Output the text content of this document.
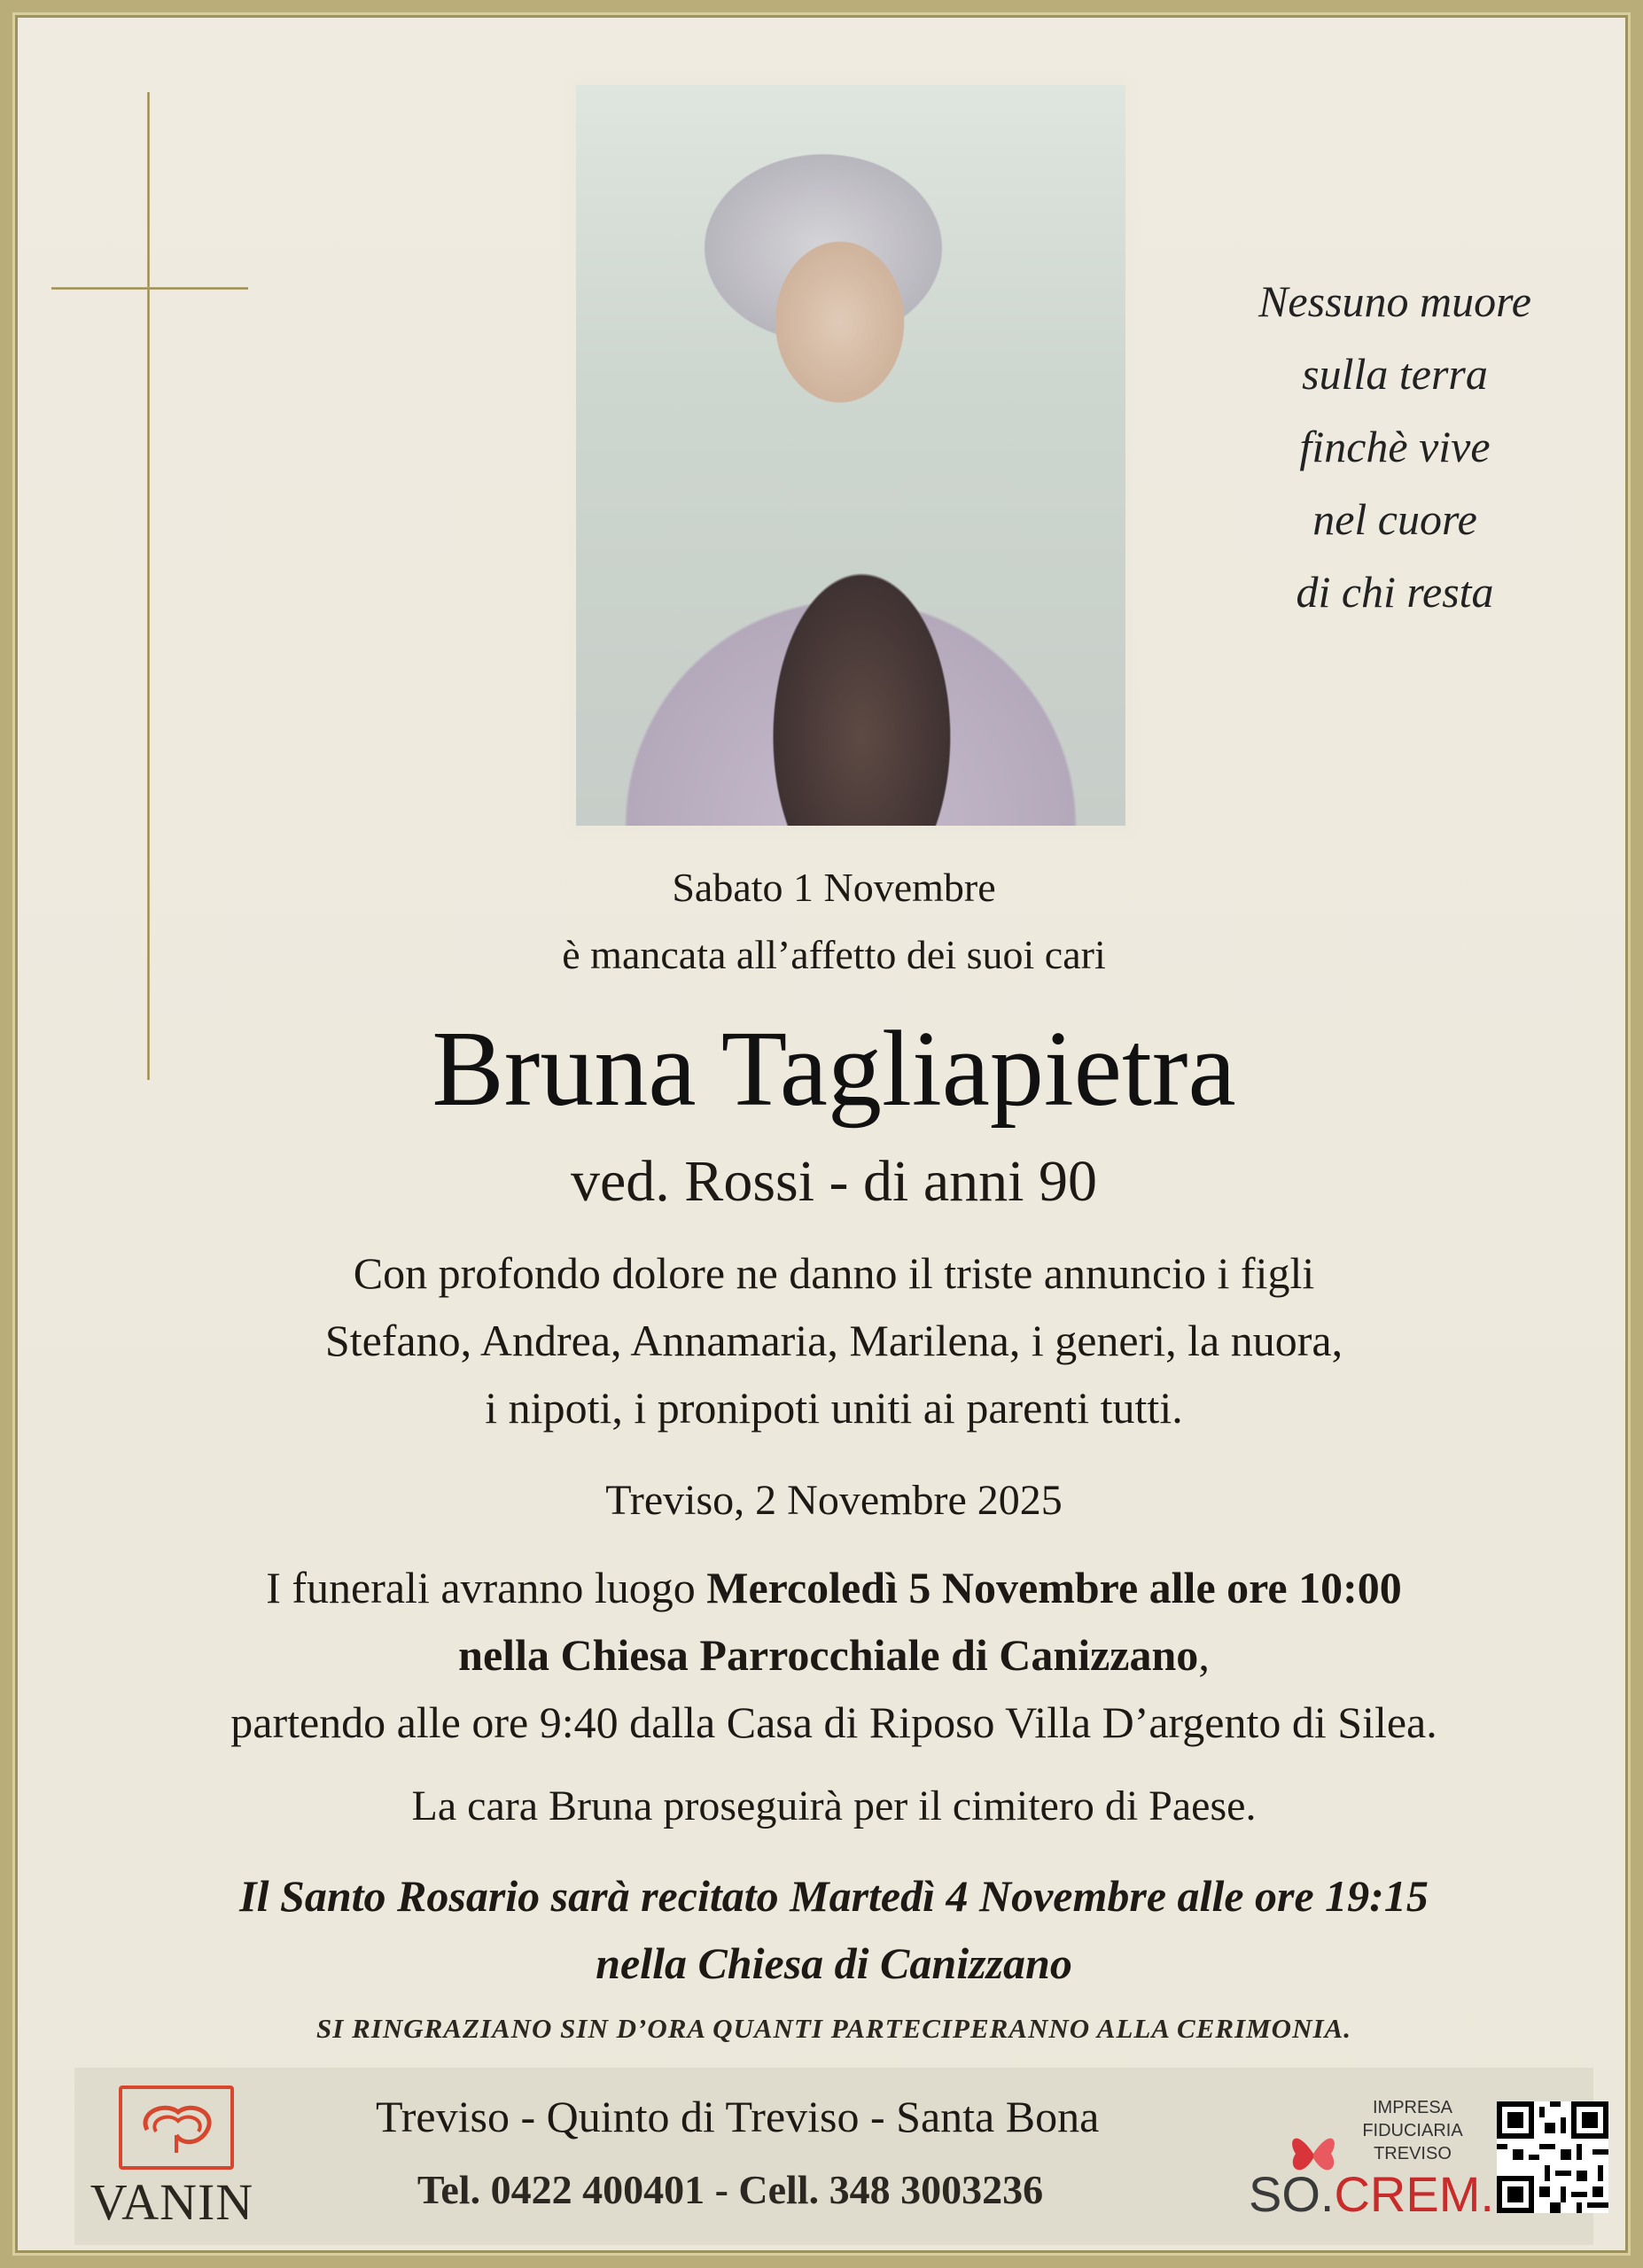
Nessuno muore
sulla terra
finchè vive
nel cuore
di chi resta
Sabato 1 Novembre
è mancata all’affetto dei suoi cari
Bruna Tagliapietra
ved. Rossi - di anni 90
Con profondo dolore ne danno il triste annuncio i figli
Stefano, Andrea, Annamaria, Marilena, i generi, la nuora,
i nipoti, i pronipoti uniti ai parenti tutti.
Treviso, 2 Novembre 2025
I funerali avranno luogo Mercoledì 5 Novembre alle ore 10:00
nella Chiesa Parrocchiale di Canizzano,
partendo alle ore 9:40 dalla Casa di Riposo Villa D’argento di Silea.
La cara Bruna proseguirà per il cimitero di Paese.
Il Santo Rosario sarà recitato Martedì 4 Novembre alle ore 19:15
nella Chiesa di Canizzano
SI RINGRAZIANO SIN D’ORA QUANTI PARTECIPERANNO ALLA CERIMONIA.
VANIN
Treviso - Quinto di Treviso - Santa Bona
Tel. 0422 400401 - Cell. 348 3003236
IMPRESA
FIDUCIARIA
TREVISO
SO.CREM.
